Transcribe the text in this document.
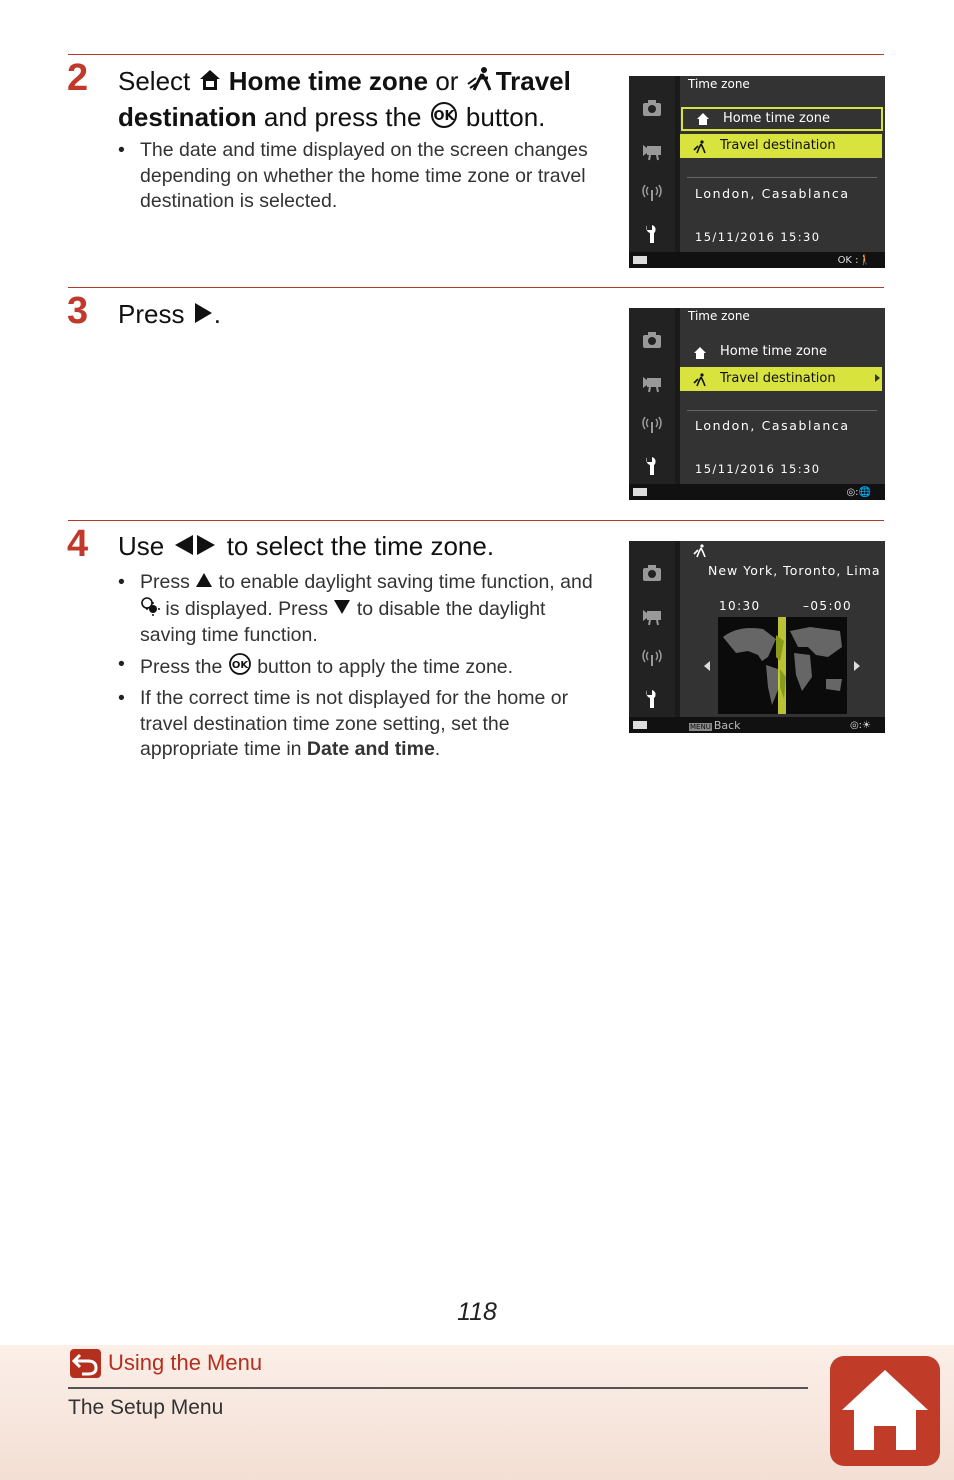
2 Select  Home time zone or Travel destination and press the OK button.
• The date and time displayed on the screen changes depending on whether the home time zone or travel destination is selected.
Time zone
Home time zone
Travel destination
London, Casablanca
15/11/2016 15:30
OK :🚶
3 Press .	Time zone
Home time zone
Travel destination
London, Casablanca
15/11/2016 15:30
◎:🌐
4 Use  to select the time zone.
• Press  to enable daylight saving time function, and  is displayed. Press  to disable the daylight saving time function.
• Press the OK button to apply the time zone.
• If the correct time is not displayed for the home or travel destination time zone setting, set the appropriate time in Date and time.
New York, Toronto, Lima
10:30	–05:00
MENU Back	◎:☀
118
Using the Menu
The Setup Menu
